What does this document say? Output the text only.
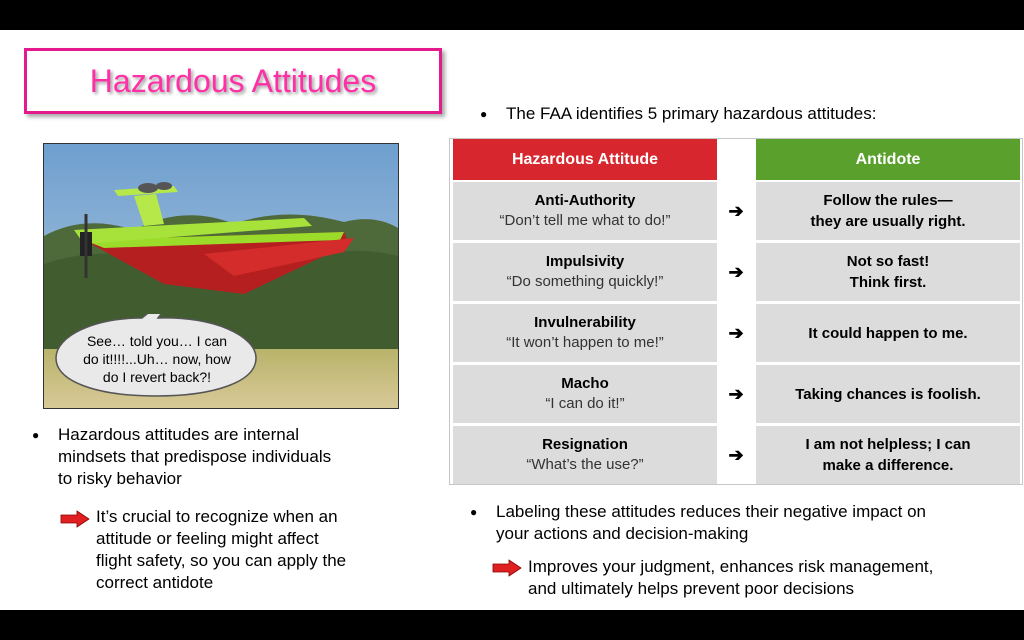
Hazardous Attitudes
See… told you… I can do it!!!!...Uh… now, how do I revert back?!
● Hazardous attitudes are internal
mindsets that predispose individuals
to risky behavior
It’s crucial to recognize when an
attitude or feeling might affect
flight safety, so you can apply the
correct antidote
● The FAA identifies 5 primary hazardous attitudes:
Hazardous Attitude	Antidote
Anti-Authority
“Don’t tell me what to do!”	➔	Follow the rules—
they are usually right.
Impulsivity
“Do something quickly!”	➔	Not so fast!
Think first.
Invulnerability
“It won’t happen to me!”	➔	It could happen to me.
Macho
“I can do it!”	➔	Taking chances is foolish.
Resignation
“What’s the use?”	➔	I am not helpless; I can
make a difference.
● Labeling these attitudes reduces their negative impact on
your actions and decision-making
Improves your judgment, enhances risk management,
and ultimately helps prevent poor decisions
